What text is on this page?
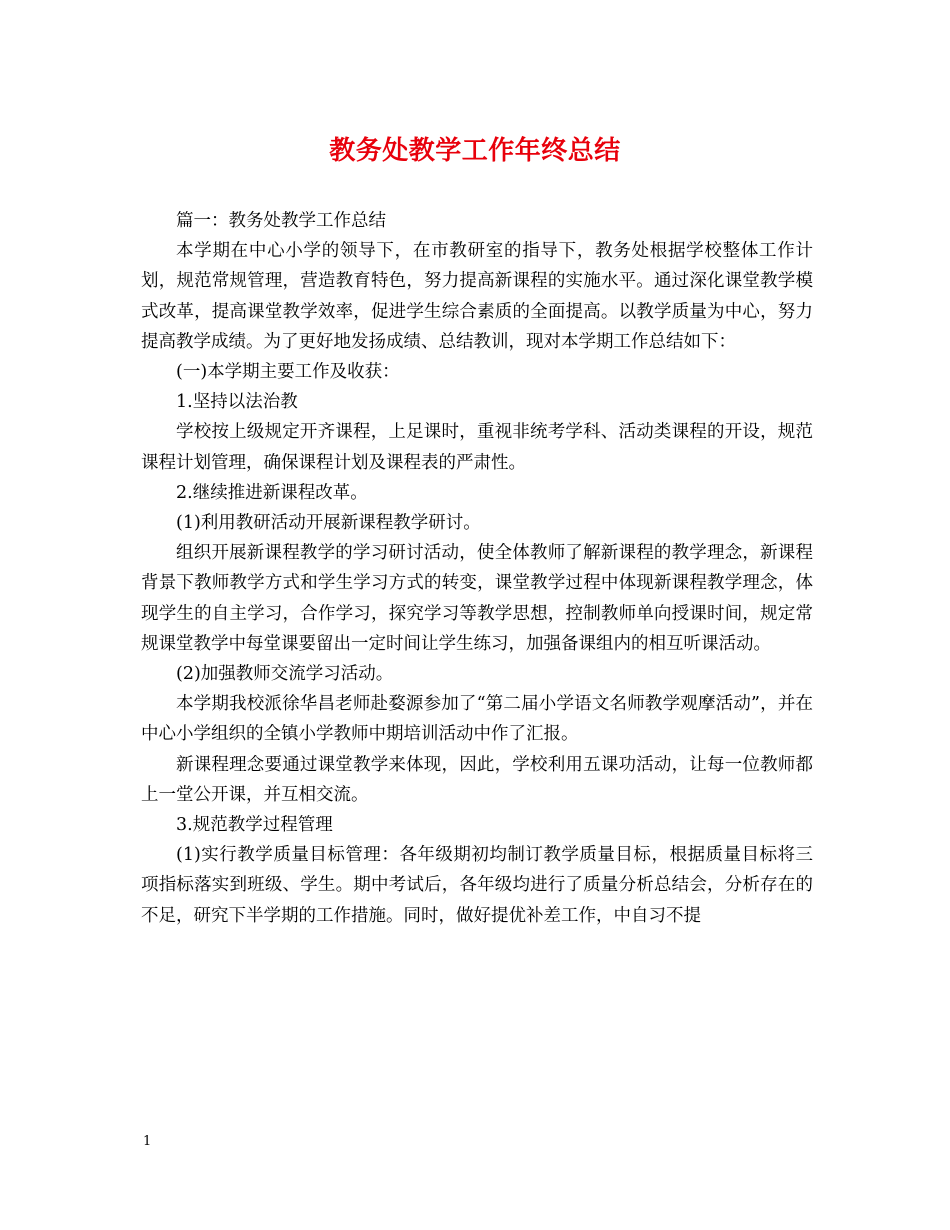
教务处教学工作年终总结

篇一：教务处教学工作总结

本学期在中心小学的领导下，在市教研室的指导下，教务处根据学校整体工作计划，规范常规管理，营造教育特色，努力提高新课程的实施水平。通过深化课堂教学模式改革，提高课堂教学效率，促进学生综合素质的全面提高。以教学质量为中心，努力提高教学成绩。为了更好地发扬成绩、总结教训，现对本学期工作总结如下：

(一)本学期主要工作及收获：

1.坚持以法治教

学校按上级规定开齐课程，上足课时，重视非统考学科、活动类课程的开设，规范课程计划管理，确保课程计划及课程表的严肃性。

2.继续推进新课程改革。

(1)利用教研活动开展新课程教学研讨。

组织开展新课程教学的学习研讨活动，使全体教师了解新课程的教学理念，新课程背景下教师教学方式和学生学习方式的转变，课堂教学过程中体现新课程教学理念，体现学生的自主学习，合作学习，探究学习等教学思想，控制教师单向授课时间，规定常规课堂教学中每堂课要留出一定时间让学生练习，加强备课组内的相互听课活动。

(2)加强教师交流学习活动。

本学期我校派徐华昌老师赴婺源参加了“第二届小学语文名师教学观摩活动”，并在中心小学组织的全镇小学教师中期培训活动中作了汇报。

新课程理念要通过课堂教学来体现，因此，学校利用五课功活动，让每一位教师都上一堂公开课，并互相交流。

3.规范教学过程管理

(1)实行教学质量目标管理：各年级期初均制订教学质量目标，根据质量目标将三项指标落实到班级、学生。期中考试后，各年级均进行了质量分析总结会，分析存在的不足，研究下半学期的工作措施。同时，做好提优补差工作，中自习不提

1
